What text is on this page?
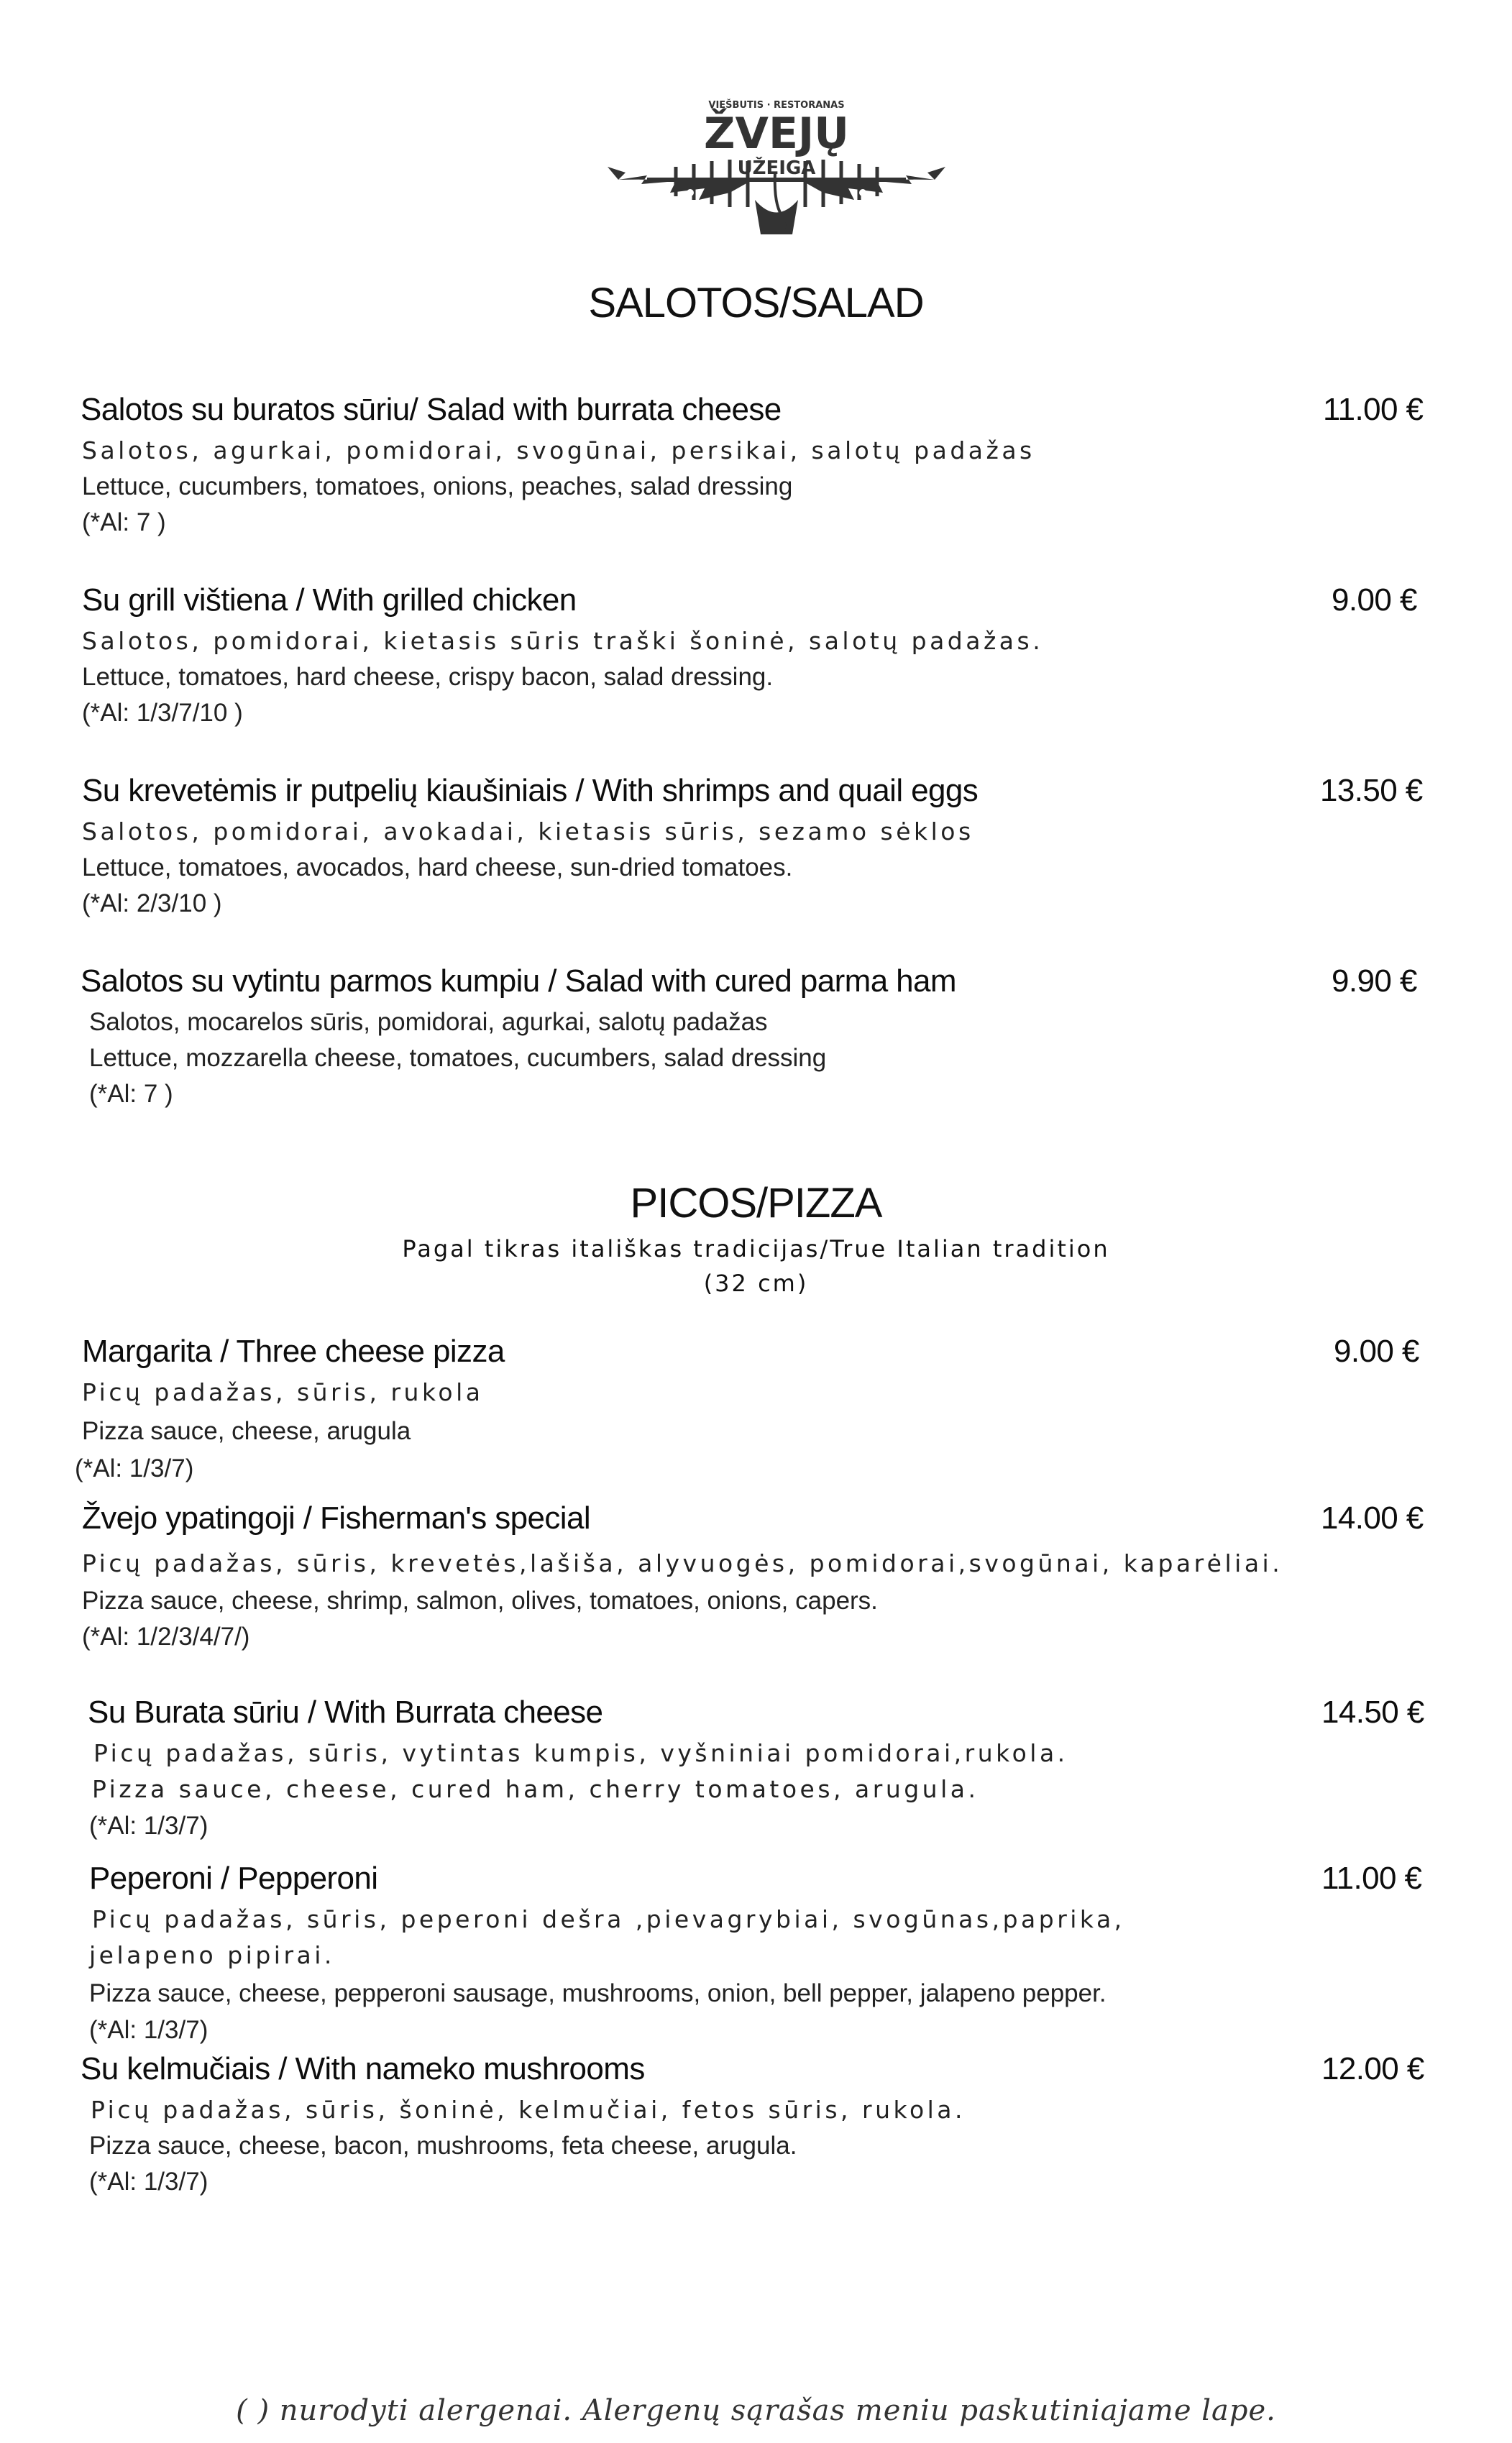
VIEŠBUTIS · RESTORANAS
ŽVEJŲ
UŽEIGA
SALOTOS/SALAD
Salotos su buratos sūriu/ Salad with burrata cheese	11.00 €
Salotos, agurkai, pomidorai, svogūnai, persikai, salotų padažas
Lettuce, cucumbers, tomatoes, onions, peaches, salad dressing
(*Al: 7 )
Su grill vištiena / With grilled chicken	9.00 €
Salotos, pomidorai, kietasis sūris traški šoninė, salotų padažas.
Lettuce, tomatoes, hard cheese, crispy bacon, salad dressing.
(*Al: 1/3/7/10 )
Su krevetėmis ir putpelių kiaušiniais / With shrimps and quail eggs	13.50 €
Salotos, pomidorai, avokadai, kietasis sūris, sezamo sėklos
Lettuce, tomatoes, avocados, hard cheese, sun-dried tomatoes.
(*Al: 2/3/10 )
Salotos su vytintu parmos kumpiu / Salad with cured parma ham	9.90 €
Salotos, mocarelos sūris, pomidorai, agurkai, salotų padažas
Lettuce, mozzarella cheese, tomatoes, cucumbers, salad dressing
(*Al: 7 )
PICOS/PIZZA
Pagal tikras itališkas tradicijas/True Italian tradition
(32 cm)
Margarita / Three cheese pizza	9.00 €
Picų padažas, sūris, rukola
Pizza sauce, cheese, arugula
(*Al: 1/3/7)
Žvejo ypatingoji / Fisherman's special	14.00 €
Picų padažas, sūris, krevetės,lašiša, alyvuogės, pomidorai,svogūnai, kaparėliai.
Pizza sauce, cheese, shrimp, salmon, olives, tomatoes, onions, capers.
(*Al: 1/2/3/4/7/)
Su Burata sūriu / With Burrata cheese	14.50 €
Picų padažas, sūris, vytintas kumpis, vyšniniai pomidorai,rukola.
Pizza sauce, cheese, cured ham, cherry tomatoes, arugula.
(*Al: 1/3/7)
Peperoni / Pepperoni	11.00 €
Picų padažas, sūris, peperoni dešra ,pievagrybiai, svogūnas,paprika,
jelapeno pipirai.
Pizza sauce, cheese, pepperoni sausage, mushrooms, onion, bell pepper, jalapeno pepper.
(*Al: 1/3/7)
Su kelmučiais / With nameko mushrooms	12.00 €
Picų padažas, sūris, šoninė, kelmučiai, fetos sūris, rukola.
Pizza sauce, cheese, bacon, mushrooms, feta cheese, arugula.
(*Al: 1/3/7)
( ) nurodyti alergenai. Alergenų sąrašas meniu paskutiniajame lape.
